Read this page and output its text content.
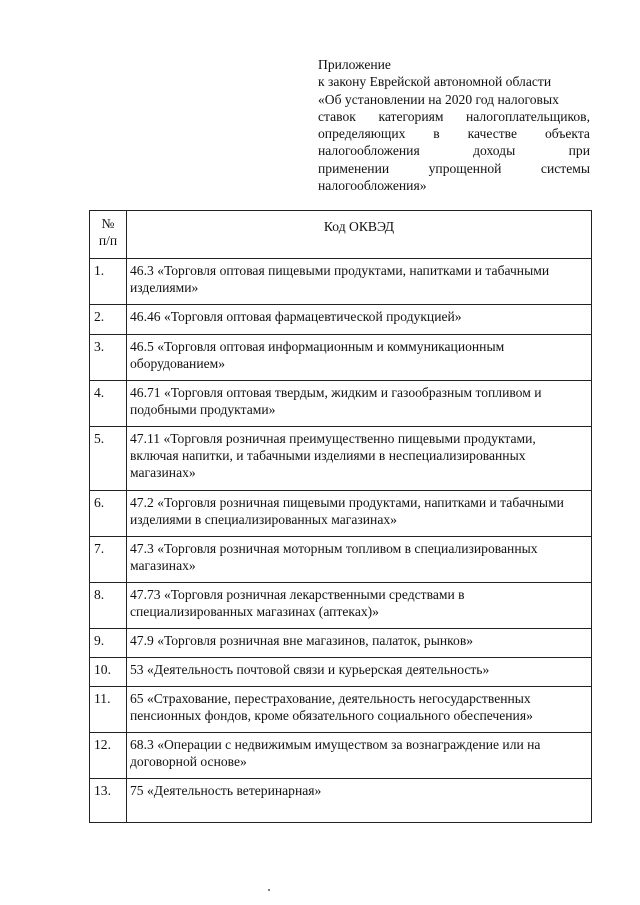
Приложение
к закону Еврейской автономной области
«Об установлении на 2020 год налоговых
ставок категориям налогоплательщиков,
определяющих в качестве объекта
налогообложения	доходы	при
применении	упрощенной	системы
налогообложения»
№
п/п	Код ОКВЭД
1.	46.3 «Торговля оптовая пищевыми продуктами, напитками и табачными изделиями»
2.	46.46 «Торговля оптовая фармацевтической продукцией»
3.	46.5 «Торговля оптовая информационным и коммуникационным оборудованием»
4.	46.71 «Торговля оптовая твердым, жидким и газообразным топливом и подобными продуктами»
5.	47.11 «Торговля розничная преимущественно пищевыми продуктами, включая напитки, и табачными изделиями в неспециализированных магазинах»
6.	47.2 «Торговля розничная пищевыми продуктами, напитками и табачными изделиями в специализированных магазинах»
7.	47.3 «Торговля розничная моторным топливом в специализированных магазинах»
8.	47.73 «Торговля розничная лекарственными средствами в специализированных магазинах (аптеках)»
9.	47.9 «Торговля розничная вне магазинов, палаток, рынков»
10.	53 «Деятельность почтовой связи и курьерская деятельность»
11.	65 «Страхование, перестрахование, деятельность негосударственных пенсионных фондов, кроме обязательного социального обеспечения»
12.	68.3 «Операции с недвижимым имуществом за вознаграждение или на договорной основе»
13.	75 «Деятельность ветеринарная»
